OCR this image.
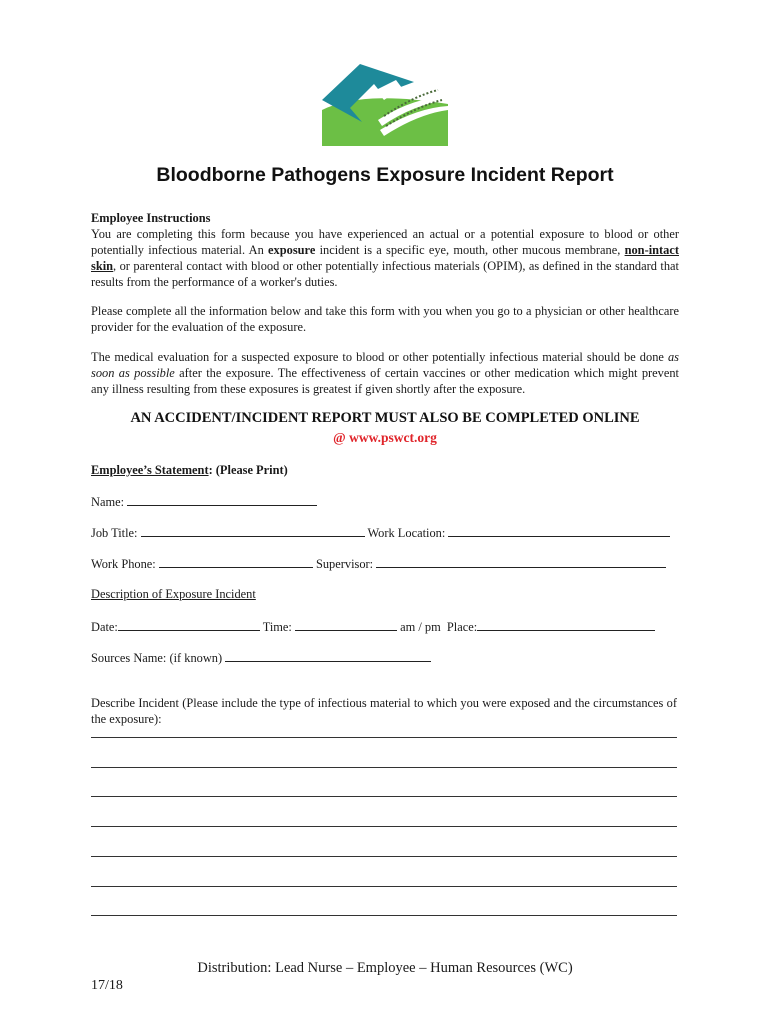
Bloodborne Pathogens Exposure Incident Report

Employee Instructions

You are completing this form because you have experienced an actual or a potential exposure to blood or other potentially infectious material. An exposure incident is a specific eye, mouth, other mucous membrane, non-intact skin, or parenteral contact with blood or other potentially infectious materials (OPIM), as defined in the standard that results from the performance of a worker's duties.

Please complete all the information below and take this form with you when you go to a physician or other healthcare provider for the evaluation of the exposure.

The medical evaluation for a suspected exposure to blood or other potentially infectious material should be done as soon as possible after the exposure. The effectiveness of certain vaccines or other medication which might prevent any illness resulting from these exposures is greatest if given shortly after the exposure.

AN ACCIDENT/INCIDENT REPORT MUST ALSO BE COMPLETED ONLINE
@ www.pswct.org
Employee’s Statement: (Please Print)
Name:
Job Title:	Work Location:
Work Phone:	Supervisor:
Description of Exposure Incident
Date:	Time:	am / pm Place:
Sources Name: (if known)

Describe Incident (Please include the type of infectious material to which you were exposed and the circumstances of the exposure):

Distribution: Lead Nurse – Employee – Human Resources (WC)
17/18
